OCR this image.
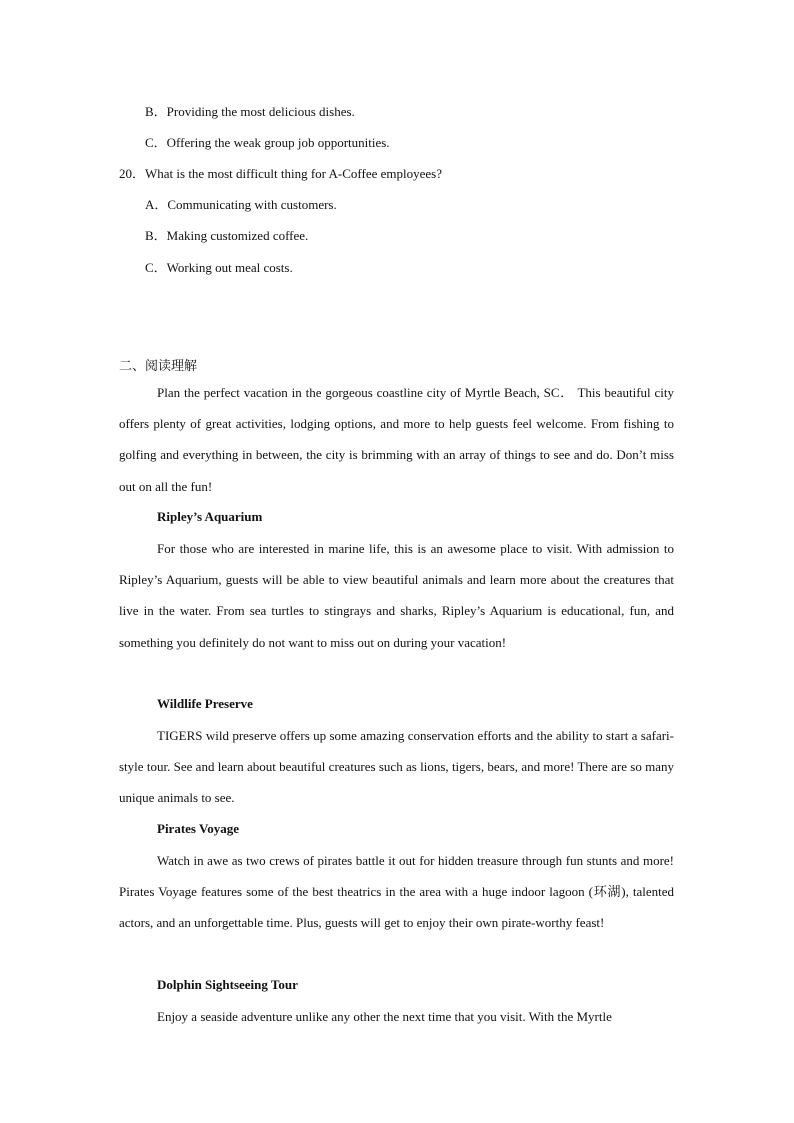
B．Providing the most delicious dishes.
C．Offering the weak group job opportunities.
20．What is the most difficult thing for A-Coffee employees?
A．Communicating with customers.
B．Making customized coffee.
C．Working out meal costs.
二、阅读理解

Plan the perfect vacation in the gorgeous coastline city of Myrtle Beach, SC． This beautiful city offers plenty of great activities, lodging options, and more to help guests feel welcome. From fishing to golfing and everything in between, the city is brimming with an array of things to see and do. Don’t miss out on all the fun!

Ripley’s Aquarium

For those who are interested in marine life, this is an awesome place to visit. With admission to Ripley’s Aquarium, guests will be able to view beautiful animals and learn more about the creatures that live in the water. From sea turtles to stingrays and sharks, Ripley’s Aquarium is educational, fun, and something you definitely do not want to miss out on during your vacation!

Wildlife Preserve

TIGERS wild preserve offers up some amazing conservation efforts and the ability to start a safari-style tour. See and learn about beautiful creatures such as lions, tigers, bears, and more! There are so many unique animals to see.

Pirates Voyage

Watch in awe as two crews of pirates battle it out for hidden treasure through fun stunts and more! Pirates Voyage features some of the best theatrics in the area with a huge indoor lagoon (环湖), talented actors, and an unforgettable time. Plus, guests will get to enjoy their own pirate-worthy feast!

Dolphin Sightseeing Tour

Enjoy a seaside adventure unlike any other the next time that you visit. With the Myrtle
